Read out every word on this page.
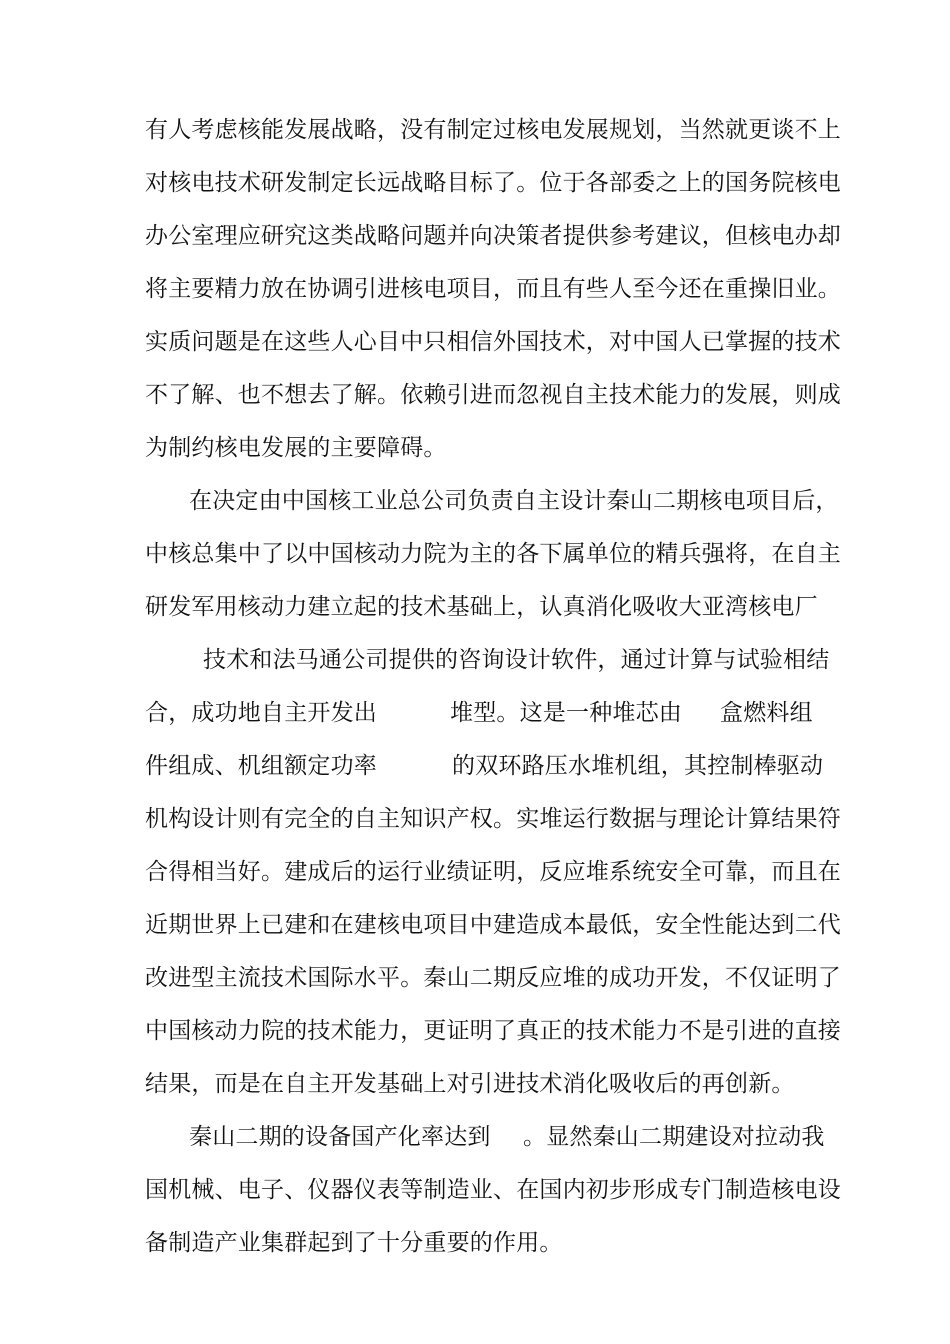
有人考虑核能发展战略，没有制定过核电发展规划，当然就更谈不上
对核电技术研发制定长远战略目标了。位于各部委之上的国务院核电
办公室理应研究这类战略问题并向决策者提供参考建议，但核电办却
将主要精力放在协调引进核电项目，而且有些人至今还在重操旧业。
实质问题是在这些人心目中只相信外国技术，对中国人已掌握的技术
不了解、也不想去了解。依赖引进而忽视自主技术能力的发展，则成
为制约核电发展的主要障碍。
在决定由中国核工业总公司负责自主设计秦山二期核电项目后，
中核总集中了以中国核动力院为主的各下属单位的精兵强将，在自主
研发军用核动力建立起的技术基础上，认真消化吸收大亚湾核电厂
技术和法马通公司提供的咨询设计软件，通过计算与试验相结
合，成功地自主开发出	堆型。这是一种堆芯由 盒燃料组
件组成、机组额定功率	的双环路压水堆机组，其控制棒驱动
机构设计则有完全的自主知识产权。实堆运行数据与理论计算结果符
合得相当好。建成后的运行业绩证明，反应堆系统安全可靠，而且在
近期世界上已建和在建核电项目中建造成本最低，安全性能达到二代
改进型主流技术国际水平。秦山二期反应堆的成功开发，不仅证明了
中国核动力院的技术能力，更证明了真正的技术能力不是引进的直接
结果，而是在自主开发基础上对引进技术消化吸收后的再创新。
秦山二期的设备国产化率达到 。显然秦山二期建设对拉动我
国机械、电子、仪器仪表等制造业、在国内初步形成专门制造核电设
备制造产业集群起到了十分重要的作用。
